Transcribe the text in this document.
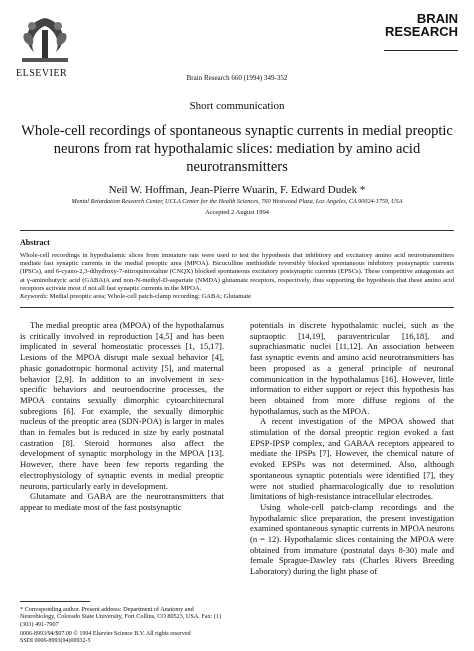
ELSEVIER
BRAIN
RESEARCH
Brain Research 660 (1994) 349-352
Short communication
Whole-cell recordings of spontaneous synaptic currents in medial preoptic neurons from rat hypothalamic slices: mediation by amino acid neurotransmitters
Neil W. Hoffman, Jean-Pierre Wuarin, F. Edward Dudek *
Mental Retardation Research Center, UCLA Center for the Health Sciences, 760 Westwood Plaza, Los Angeles, CA 90024-1759, USA
Accepted 2 August 1994
Abstract
Whole-cell recordings in hypothalamic slices from immature rats were used to test the hypothesis that inhibitory and excitatory amino acid neurotransmitters mediate fast synaptic currents in the medial preoptic area (MPOA). Bicuculline methiodide reversibly blocked spontaneous inhibitory postsynaptic currents (IPSCs), and 6-cyano-2,3-dihydroxy-7-nitroquinoxaline (CNQX) blocked spontaneous excitatory postsynaptic currents (EPSCs). These competitive antagonists act at γ-aminobutyric acid (GABA)A and non-N-methyl-D-aspartate (NMDA) glutamate receptors, respectively, thus supporting the hypothesis that these amino acid receptors activate most if not all fast synaptic currents in the MPOA.
Keywords: Medial preoptic area; Whole-cell patch-clamp recording; GABA; Glutamate

The medial preoptic area (MPOA) of the hypothalamus is critically involved in reproduction [4,5] and has been implicated in several homeostatic processes [1, 15,17]. Lesions of the MPOA disrupt male sexual behavior [4], phasic gonadotropic hormonal activity [5], and maternal behavior [2,9]. In addition to an involvement in sex-specific behaviors and neuroendocrine processes, the MPOA contains sexually dimorphic cytoarchitectural subregions [6]. For example, the sexually dimorphic nucleus of the preoptic area (SDN-POA) is larger in males than in females but is reduced in size by early postnatal castration [8]. Steroid hormones also affect the development of synaptic morphology in the MPOA [13]. However, there have been few reports regarding the electrophysiology of synaptic events in medial preoptic neurons, particularly early in development.

Glutamate and GABA are the neurotransmitters that appear to mediate most of the fast postsynaptic

potentials in discrete hypothalamic nuclei, such as the supraoptic [14,19], paraventricular [16,18], and suprachiasmatic nuclei [11,12]. An association between fast synaptic events and amino acid neurotransmitters has been proposed as a general principle of neuronal communication in the hypothalamus [16]. However, little information to either support or reject this hypothesis has been obtained from more diffuse regions of the hypothalamus, such as the MPOA.

A recent investigation of the MPOA showed that stimulation of the dorsal preoptic region evoked a fast EPSP-IPSP complex, and GABAA receptors appeared to mediate the IPSPs [7]. However, the chemical nature of evoked EPSPs was not determined. Also, although spontaneous synaptic potentials were identified [7], they were not studied pharmacologically due to resolution limitations of high-resistance intracellular electrodes.

Using whole-cell patch-clamp recordings and the hypothalamic slice preparation, the present investigation examined spontaneous synaptic currents in MPOA neurons (n = 12). Hypothalamic slices containing the MPOA were obtained from immature (postnatal days 8-30) male and female Sprague-Dawley rats (Charles Rivers Breeding Laboratory) during the light phase of

* Corresponding author. Present address: Department of Anatomy and Neurobiology, Colorado State University, Fort Collins, CO 80523, USA. Fax: (1) (303) 491-7907
0006-8993/94/$07.00 © 1994 Elsevier Science B.V. All rights reserved
SSDI 0006-8993(94)00932-5
